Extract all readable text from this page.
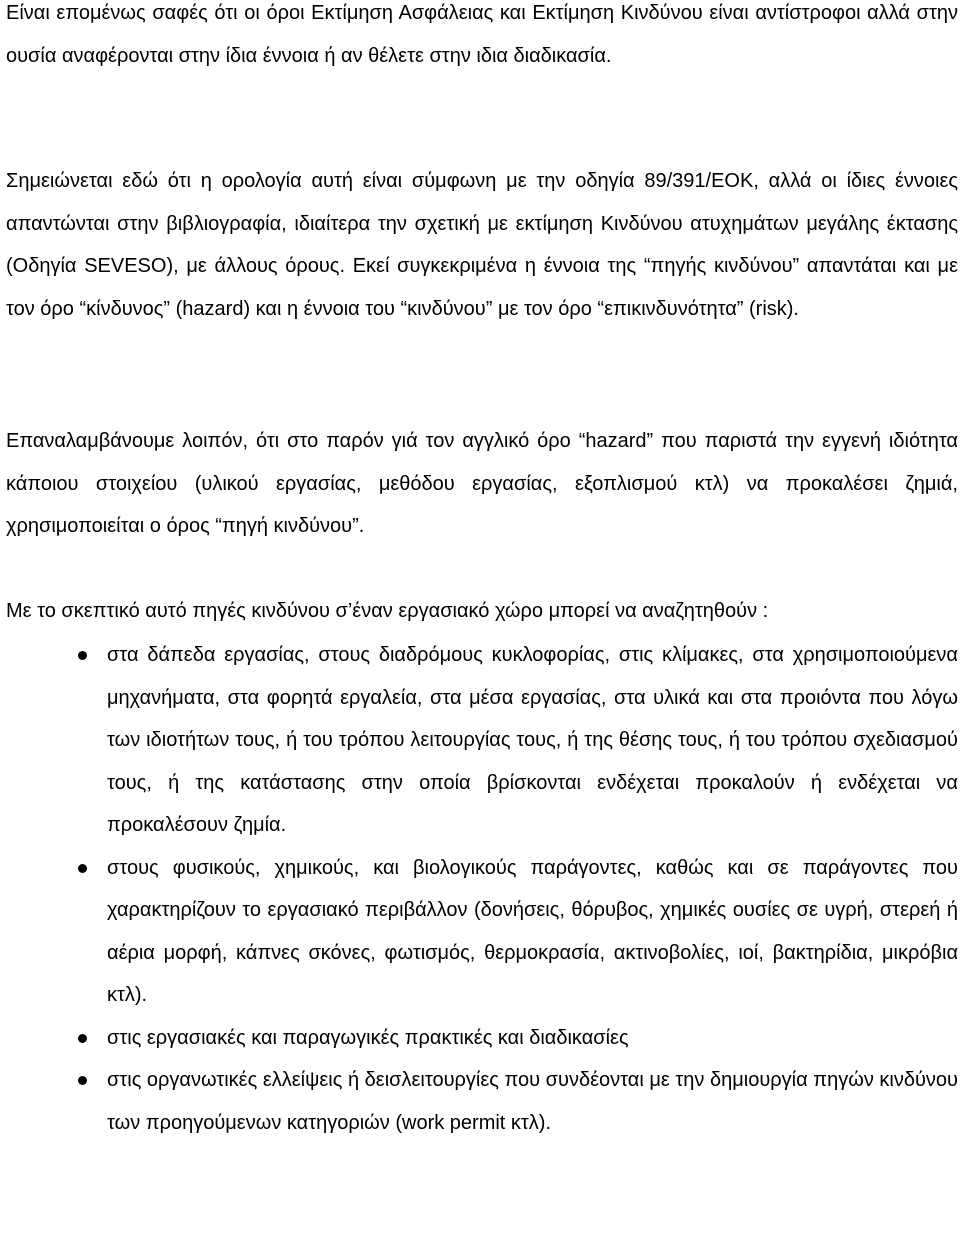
Είναι επομένως σαφές ότι οι όροι Εκτίμηση Ασφάλειας και Εκτίμηση Κινδύνου είναι αντίστροφοι αλλά στην ουσία αναφέρονται στην ίδια έννοια ή αν θέλετε στην ιδια διαδικασία.

Σημειώνεται εδώ ότι η ορολογία αυτή είναι σύμφωνη με την οδηγία 89/391/ΕΟΚ, αλλά οι ίδιες έννοιες απαντώνται στην βιβλιογραφία, ιδιαίτερα την σχετική με εκτίμηση Κινδύνου ατυχημάτων μεγάλης έκτασης (Οδηγία SEVESO), με άλλους όρους. Εκεί συγκεκριμένα η έννοια της “πηγής κινδύνου” απαντάται και με τον όρο “κίνδυνος” (hazard) και η έννοια του “κινδύνου” με τον όρο “επικινδυνότητα” (risk).

Επαναλαμβάνουμε λοιπόν, ότι στο παρόν γιά τον αγγλικό όρο “hazard” που παριστά την εγγενή ιδιότητα κάποιου στοιχείου (υλικού εργασίας, μεθόδου εργασίας, εξοπλισμού κτλ) να προκαλέσει ζημιά, χρησιμοποιείται ο όρος “πηγή κινδύνου”.

Με το σκεπτικό αυτό πηγές κινδύνου σ’έναν εργασιακό χώρο μπορεί να αναζητηθούν :

στα δάπεδα εργασίας, στους διαδρόμους κυκλοφορίας, στις κλίμακες, στα χρησιμοποιούμενα μηχανήματα, στα φορητά εργαλεία, στα μέσα εργασίας, στα υλικά και στα προιόντα που λόγω των ιδιοτήτων τους, ή του τρόπου λειτουργίας τους, ή της θέσης τους, ή του τρόπου σχεδιασμού τους, ή της κατάστασης στην οποία βρίσκονται ενδέχεται προκαλούν ή ενδέχεται να προκαλέσουν ζημία.
στους φυσικούς, χημικούς, και βιολογικούς παράγοντες, καθώς και σε παράγοντες που χαρακτηρίζουν το εργασιακό περιβάλλον (δονήσεις, θόρυβος, χημικές ουσίες σε υγρή, στερεή ή αέρια μορφή, κάπνες σκόνες, φωτισμός, θερμοκρασία, ακτινοβολίες, ιοί, βακτηρίδια, μικρόβια κτλ).
στις εργασιακές και παραγωγικές πρακτικές και διαδικασίες
στις οργανωτικές ελλείψεις ή δεισλειτουργίες που συνδέονται με την δημιουργία πηγών κινδύνου των προηγούμενων κατηγοριών (work permit κτλ).
